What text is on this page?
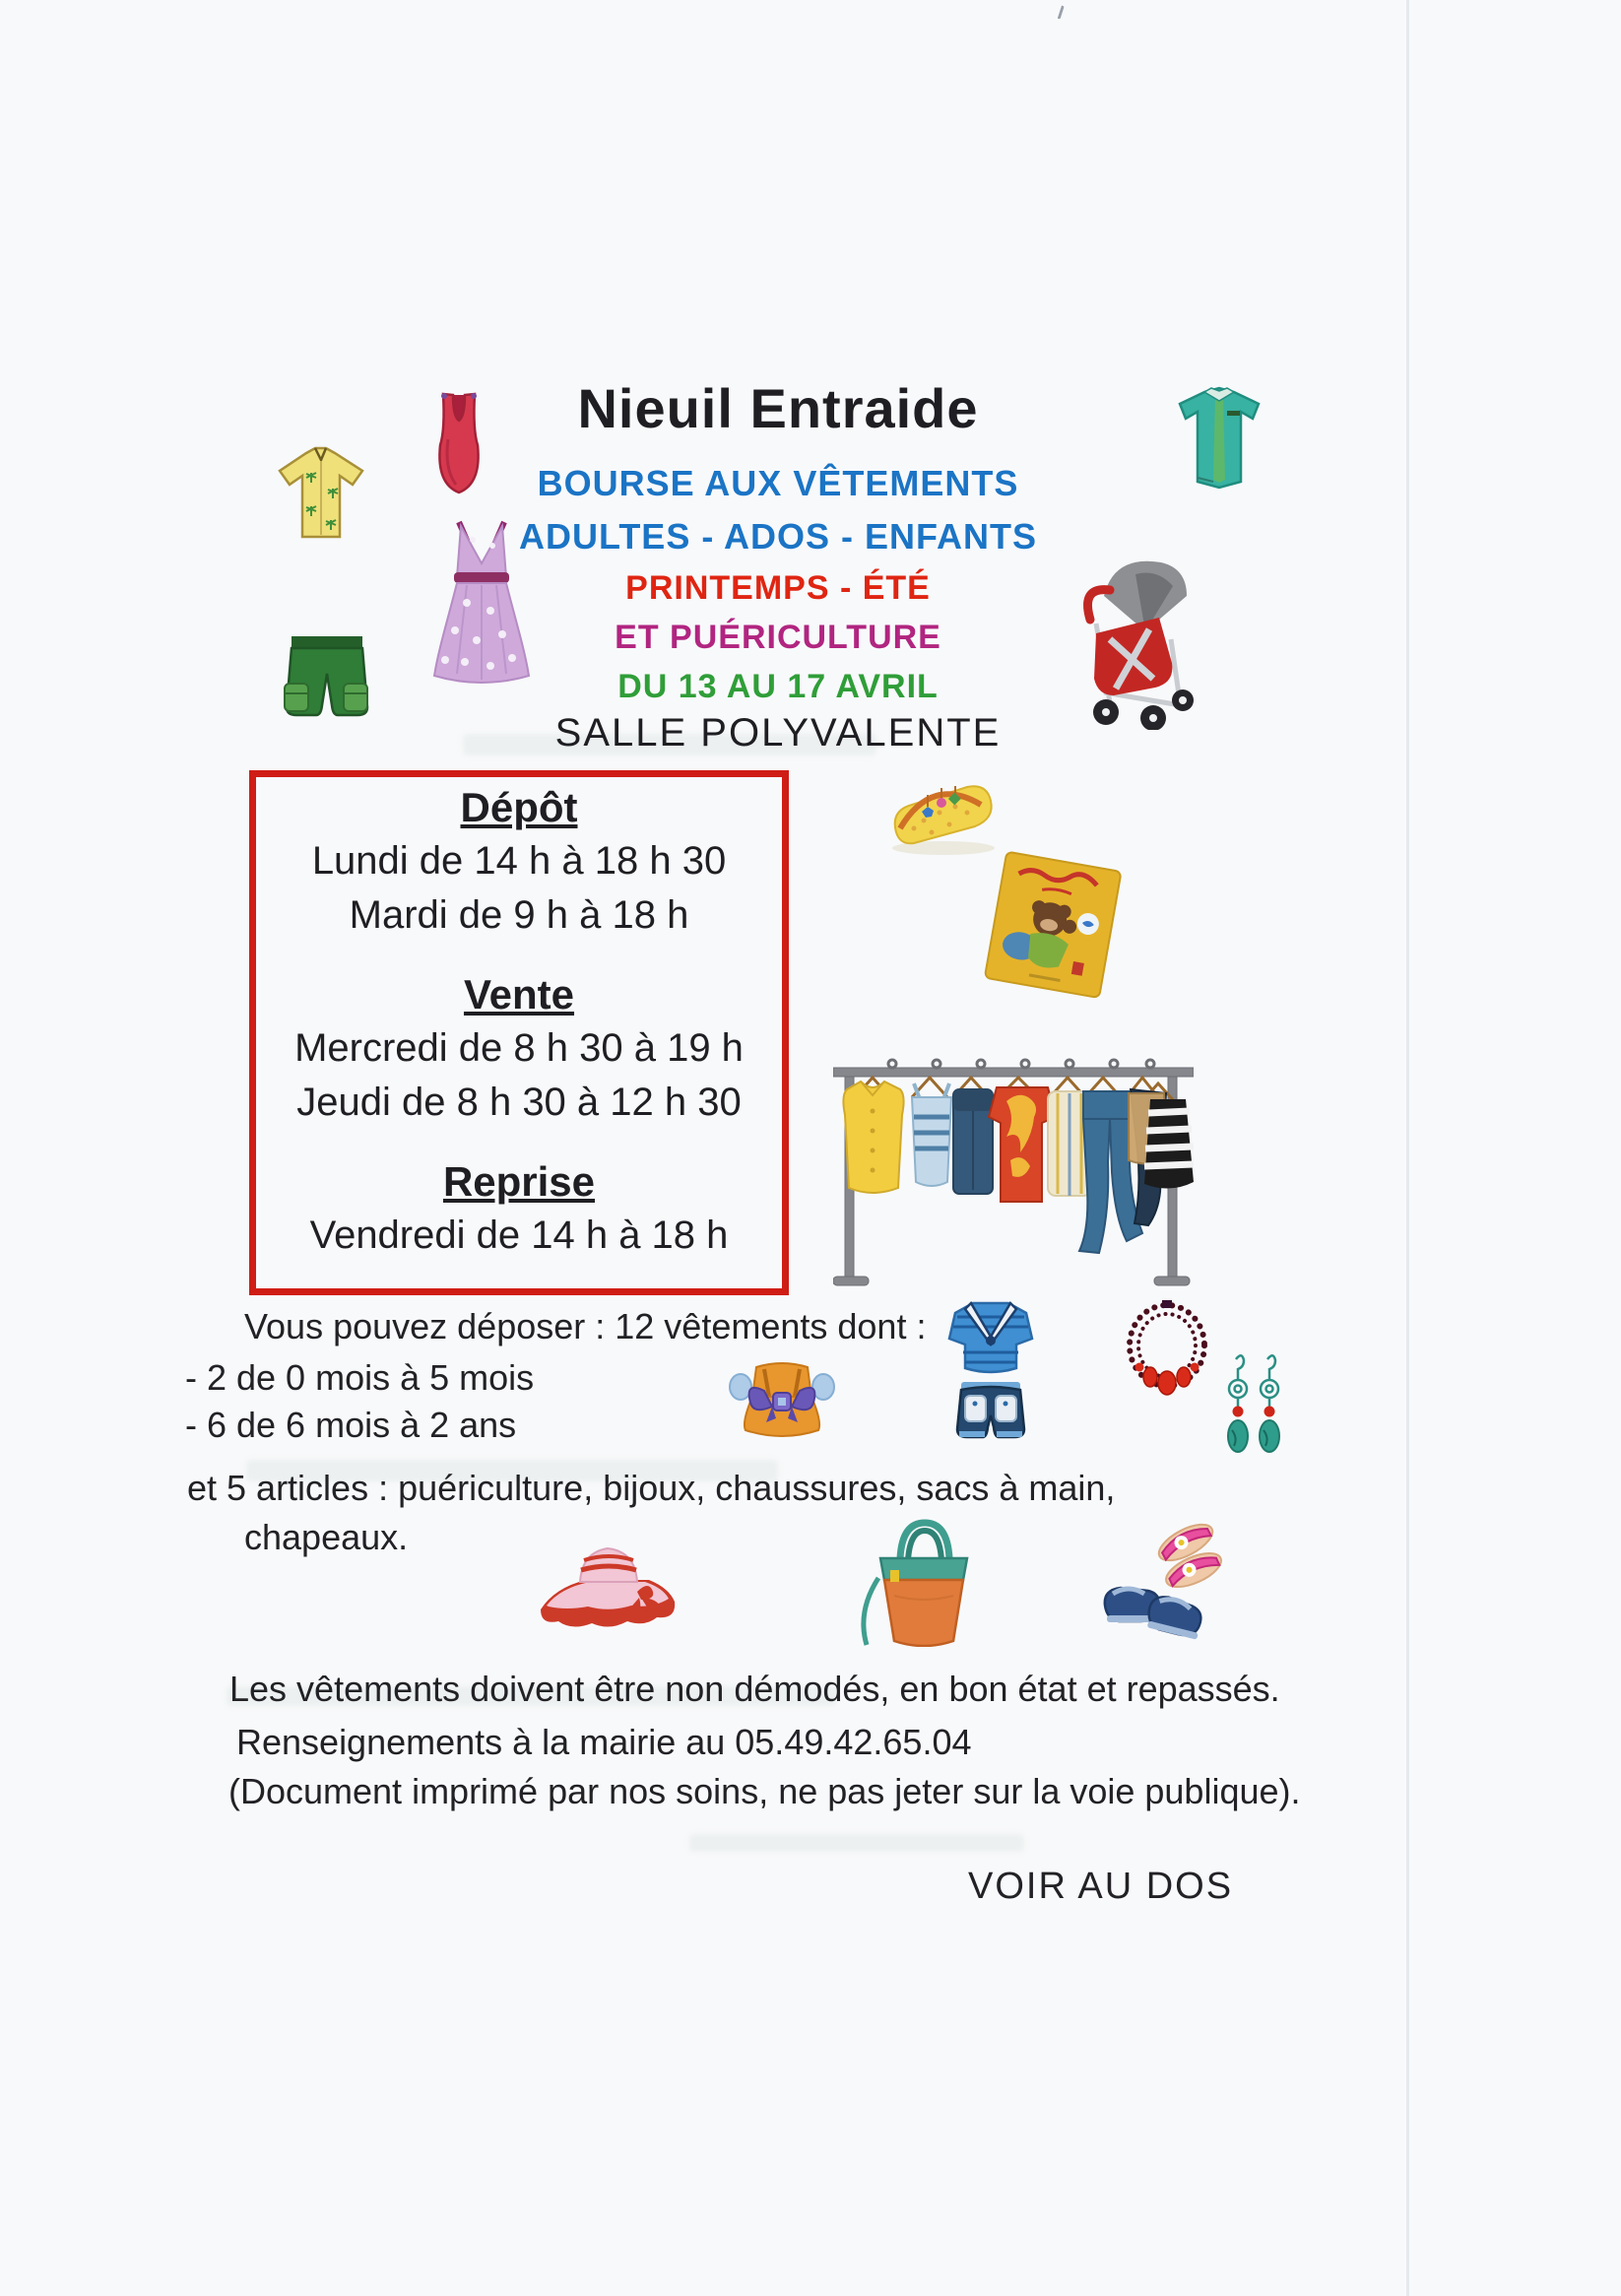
Nieuil Entraide
BOURSE AUX VÊTEMENTS
ADULTES - ADOS - ENFANTS
PRINTEMPS - ÉTÉ
ET PUÉRICULTURE
DU 13 AU 17 AVRIL
SALLE POLYVALENTE
Dépôt
Lundi de 14 h à 18 h 30
Mardi de 9 h à 18 h
Vente
Mercredi de 8 h 30 à 19 h
Jeudi de 8 h 30 à 12 h 30
Reprise
Vendredi de 14 h à 18 h
Vous pouvez déposer : 12 vêtements dont :
- 2 de 0 mois à 5 mois
- 6 de 6 mois à 2 ans
et 5 articles : puériculture, bijoux, chaussures, sacs à main,
chapeaux.
Les vêtements doivent être non démodés, en bon état et repassés.
Renseignements à la mairie au 05.49.42.65.04
(Document imprimé par nos soins, ne pas jeter sur la voie publique).
VOIR AU DOS
